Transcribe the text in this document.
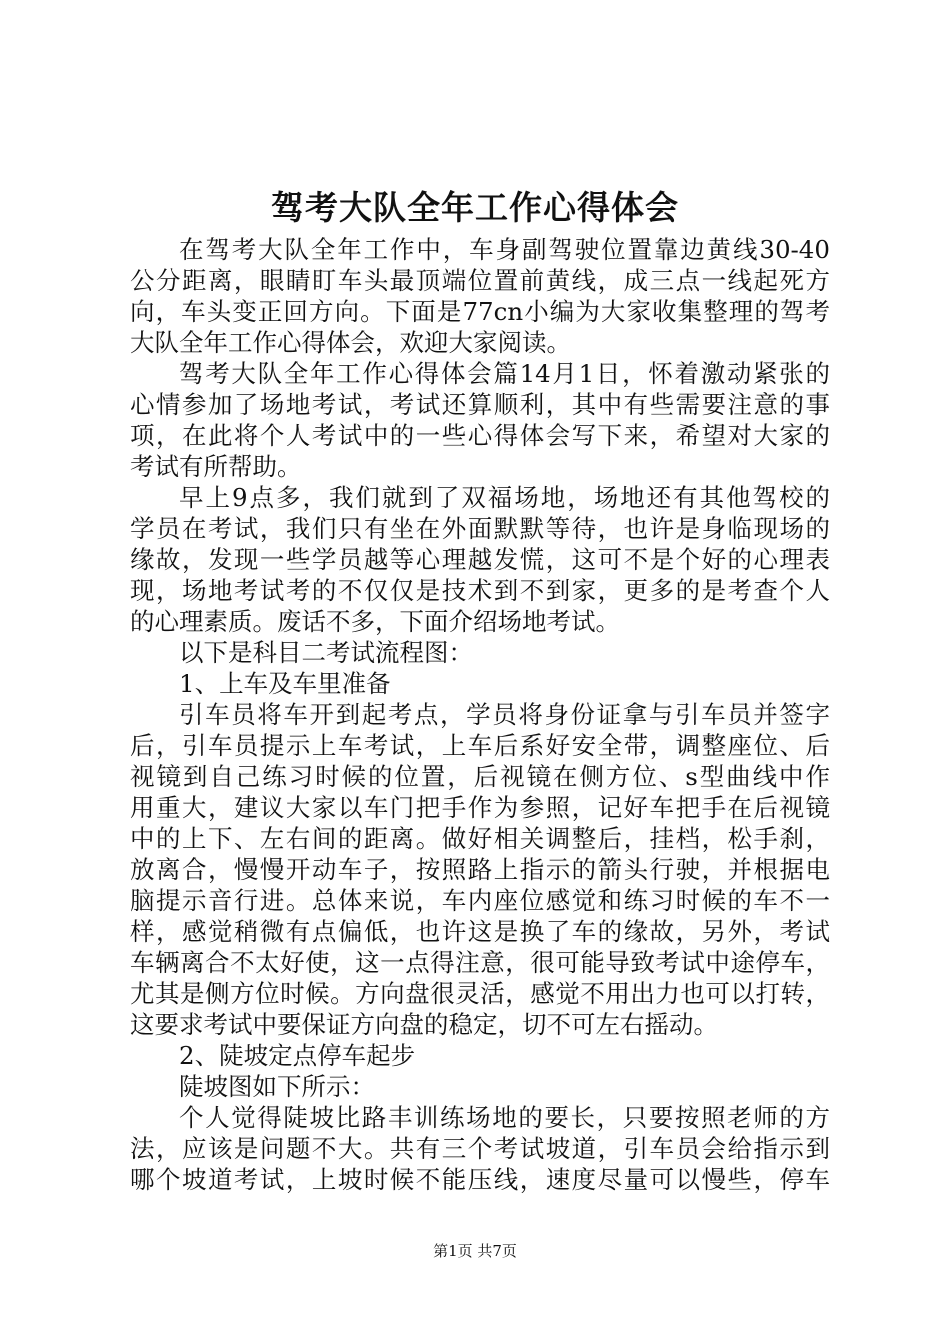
驾考大队全年工作心得体会
在驾考大队全年工作中，车身副驾驶位置靠边黄线30-40
公分距离，眼睛盯车头最顶端位置前黄线，成三点一线起死方
向，车头变正回方向。下面是77cn小编为大家收集整理的驾考
大队全年工作心得体会，欢迎大家阅读。
驾考大队全年工作心得体会篇14月1日，怀着激动紧张的
心情参加了场地考试，考试还算顺利，其中有些需要注意的事
项，在此将个人考试中的一些心得体会写下来，希望对大家的
考试有所帮助。
早上9点多，我们就到了双福场地，场地还有其他驾校的
学员在考试，我们只有坐在外面默默等待，也许是身临现场的
缘故，发现一些学员越等心理越发慌，这可不是个好的心理表
现，场地考试考的不仅仅是技术到不到家，更多的是考查个人
的心理素质。废话不多，下面介绍场地考试。
以下是科目二考试流程图：
1、上车及车里准备
引车员将车开到起考点，学员将身份证拿与引车员并签字
后，引车员提示上车考试，上车后系好安全带，调整座位、后
视镜到自己练习时候的位置，后视镜在侧方位、s型曲线中作
用重大，建议大家以车门把手作为参照，记好车把手在后视镜
中的上下、左右间的距离。做好相关调整后，挂档，松手刹，
放离合，慢慢开动车子，按照路上指示的箭头行驶，并根据电
脑提示音行进。总体来说，车内座位感觉和练习时候的车不一
样，感觉稍微有点偏低，也许这是换了车的缘故，另外，考试
车辆离合不太好使，这一点得注意，很可能导致考试中途停车，
尤其是侧方位时候。方向盘很灵活，感觉不用出力也可以打转，
这要求考试中要保证方向盘的稳定，切不可左右摇动。
2、陡坡定点停车起步
陡坡图如下所示：
个人觉得陡坡比路丰训练场地的要长，只要按照老师的方
法，应该是问题不大。共有三个考试坡道，引车员会给指示到
哪个坡道考试，上坡时候不能压线，速度尽量可以慢些，停车
第1页 共7页
